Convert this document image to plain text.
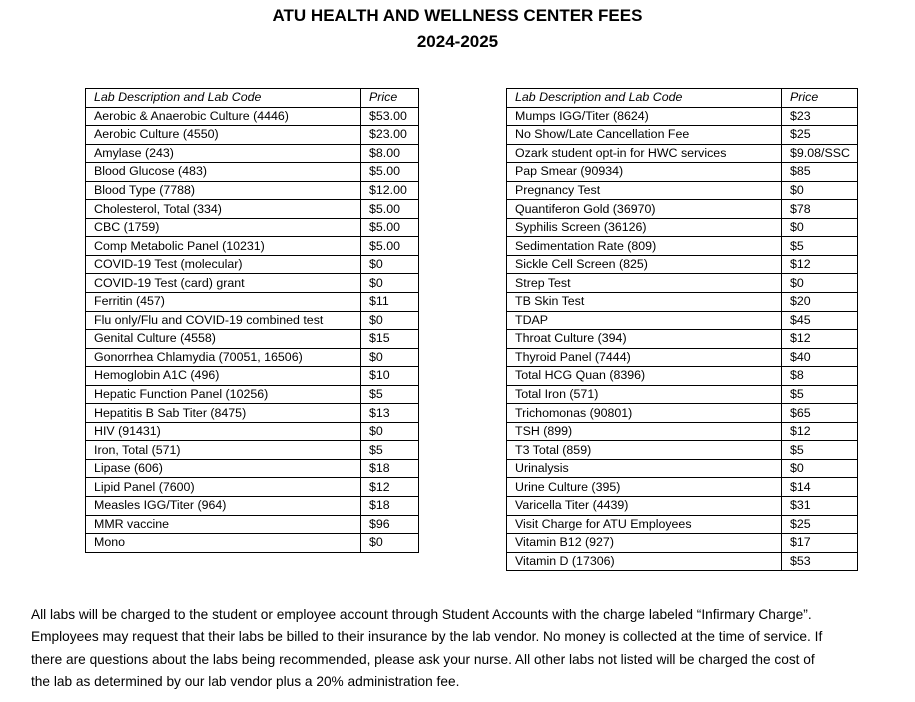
ATU HEALTH AND WELLNESS CENTER FEES
2024-2025
Lab Description and Lab Code	Price
Aerobic & Anaerobic Culture (4446)	$53.00
Aerobic Culture (4550)	$23.00
Amylase (243)	$8.00
Blood Glucose (483)	$5.00
Blood Type (7788)	$12.00
Cholesterol, Total (334)	$5.00
CBC (1759)	$5.00
Comp Metabolic Panel (10231)	$5.00
COVID-19 Test (molecular)	$0
COVID-19 Test (card) grant	$0
Ferritin (457)	$11
Flu only/Flu and COVID-19 combined test	$0
Genital Culture (4558)	$15
Gonorrhea Chlamydia (70051, 16506)	$0
Hemoglobin A1C (496)	$10
Hepatic Function Panel (10256)	$5
Hepatitis B Sab Titer (8475)	$13
HIV (91431)	$0
Iron, Total (571)	$5
Lipase (606)	$18
Lipid Panel (7600)	$12
Measles IGG/Titer (964)	$18
MMR vaccine	$96
Mono	$0
Lab Description and Lab Code	Price
Mumps IGG/Titer (8624)	$23
No Show/Late Cancellation Fee	$25
Ozark student opt-in for HWC services	$9.08/SSC
Pap Smear (90934)	$85
Pregnancy Test	$0
Quantiferon Gold (36970)	$78
Syphilis Screen (36126)	$0
Sedimentation Rate (809)	$5
Sickle Cell Screen (825)	$12
Strep Test	$0
TB Skin Test	$20
TDAP	$45
Throat Culture (394)	$12
Thyroid Panel (7444)	$40
Total HCG Quan (8396)	$8
Total Iron (571)	$5
Trichomonas (90801)	$65
TSH (899)	$12
T3 Total (859)	$5
Urinalysis	$0
Urine Culture (395)	$14
Varicella Titer (4439)	$31
Visit Charge for ATU Employees	$25
Vitamin B12 (927)	$17
Vitamin D (17306)	$53

All labs will be charged to the student or employee account through Student Accounts with the charge labeled “Infirmary Charge”.

Employees may request that their labs be billed to their insurance by the lab vendor. No money is collected at the time of service. If

there are questions about the labs being recommended, please ask your nurse. All other labs not listed will be charged the cost of

the lab as determined by our lab vendor plus a 20% administration fee.
